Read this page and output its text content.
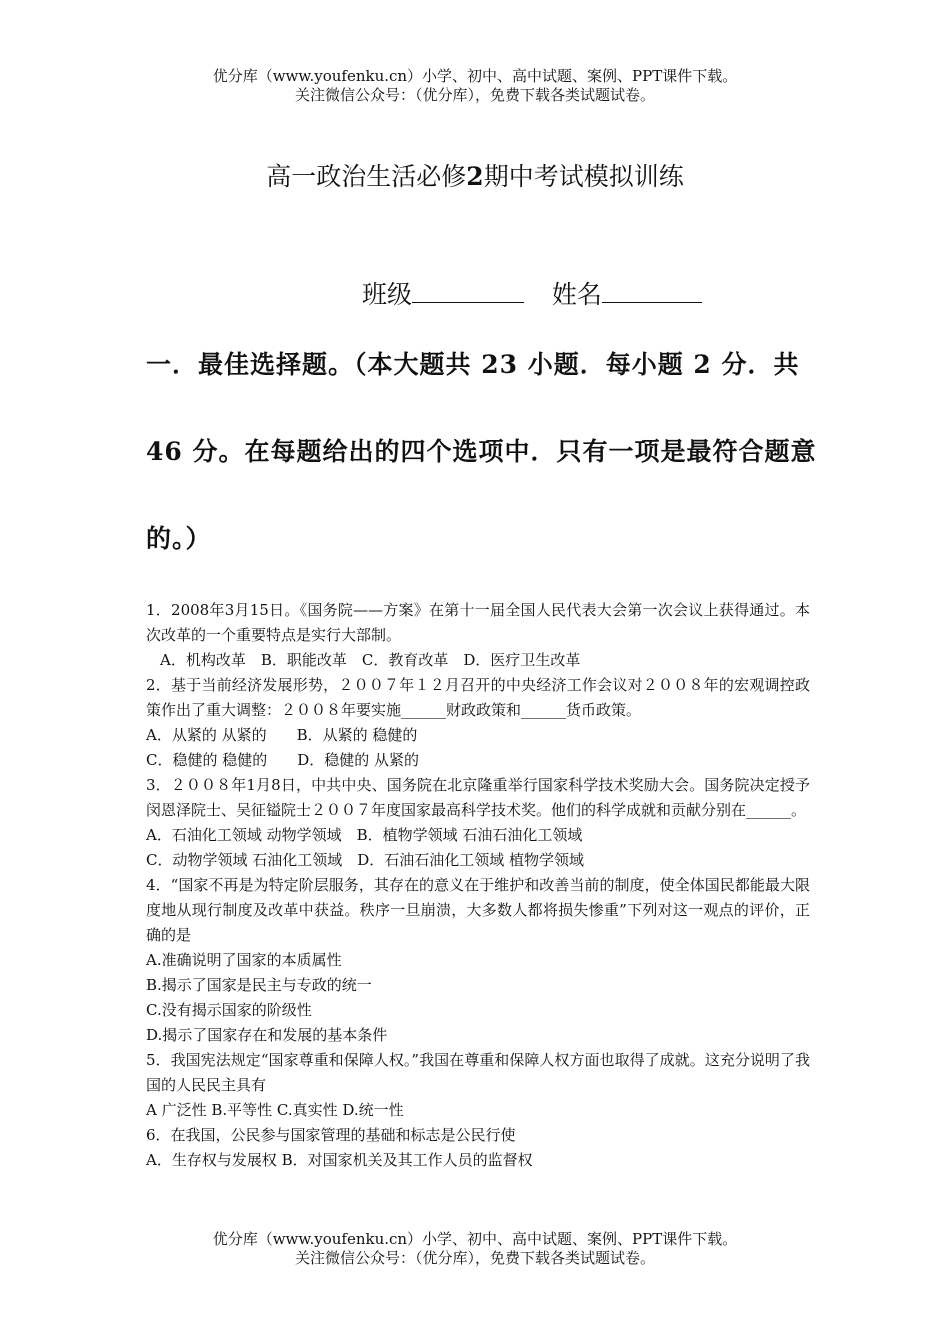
优分库（www.youfenku.cn）小学、初中、高中试题、案例、PPT课件下载。
关注微信公众号：（优分库），免费下载各类试题试卷。
高一政治生活必修2期中考试模拟训练
班级	姓名
一．最佳选择题。（本大题共 23 小题．每小题 2 分．共
46 分。在每题给出的四个选项中．只有一项是最符合题意
的。）
1．2008年3月15日。《国务院——方案》在第十一届全国人民代表大会第一次会议上获得通过。本次改革的一个重要特点是实行大部制。
A．机构改革　B．职能改革　C．教育改革　D．医疗卫生改革
2．基于当前经济发展形势，２００７年１２月召开的中央经济工作会议对２００８年的宏观调控政策作出了重大调整：２００８年要实施______财政政策和______货币政策。
A．从紧的 从紧的　　B．从紧的 稳健的
C．稳健的 稳健的　　D．稳健的 从紧的
3．２００８年1月8日，中共中央、国务院在北京隆重举行国家科学技术奖励大会。国务院决定授予闵恩泽院士、吴征镒院士２００７年度国家最高科学技术奖。他们的科学成就和贡献分别在______。
A．石油化工领域 动物学领域　B．植物学领域 石油石油化工领域
C．动物学领域 石油化工领域　D．石油石油化工领域 植物学领域
4．“国家不再是为特定阶层服务，其存在的意义在于维护和改善当前的制度，使全体国民都能最大限度地从现行制度及改革中获益。秩序一旦崩溃，大多数人都将损失惨重”下列对这一观点的评价，正确的是
A.准确说明了国家的本质属性
B.揭示了国家是民主与专政的统一
C.没有揭示国家的阶级性
D.揭示了国家存在和发展的基本条件
5．我国宪法规定“国家尊重和保障人权。”我国在尊重和保障人权方面也取得了成就。这充分说明了我国的人民民主具有
A 广泛性 B.平等性 C.真实性 D.统一性
6．在我国，公民参与国家管理的基础和标志是公民行使
A．生存权与发展权 B．对国家机关及其工作人员的监督权
优分库（www.youfenku.cn）小学、初中、高中试题、案例、PPT课件下载。
关注微信公众号：（优分库），免费下载各类试题试卷。
